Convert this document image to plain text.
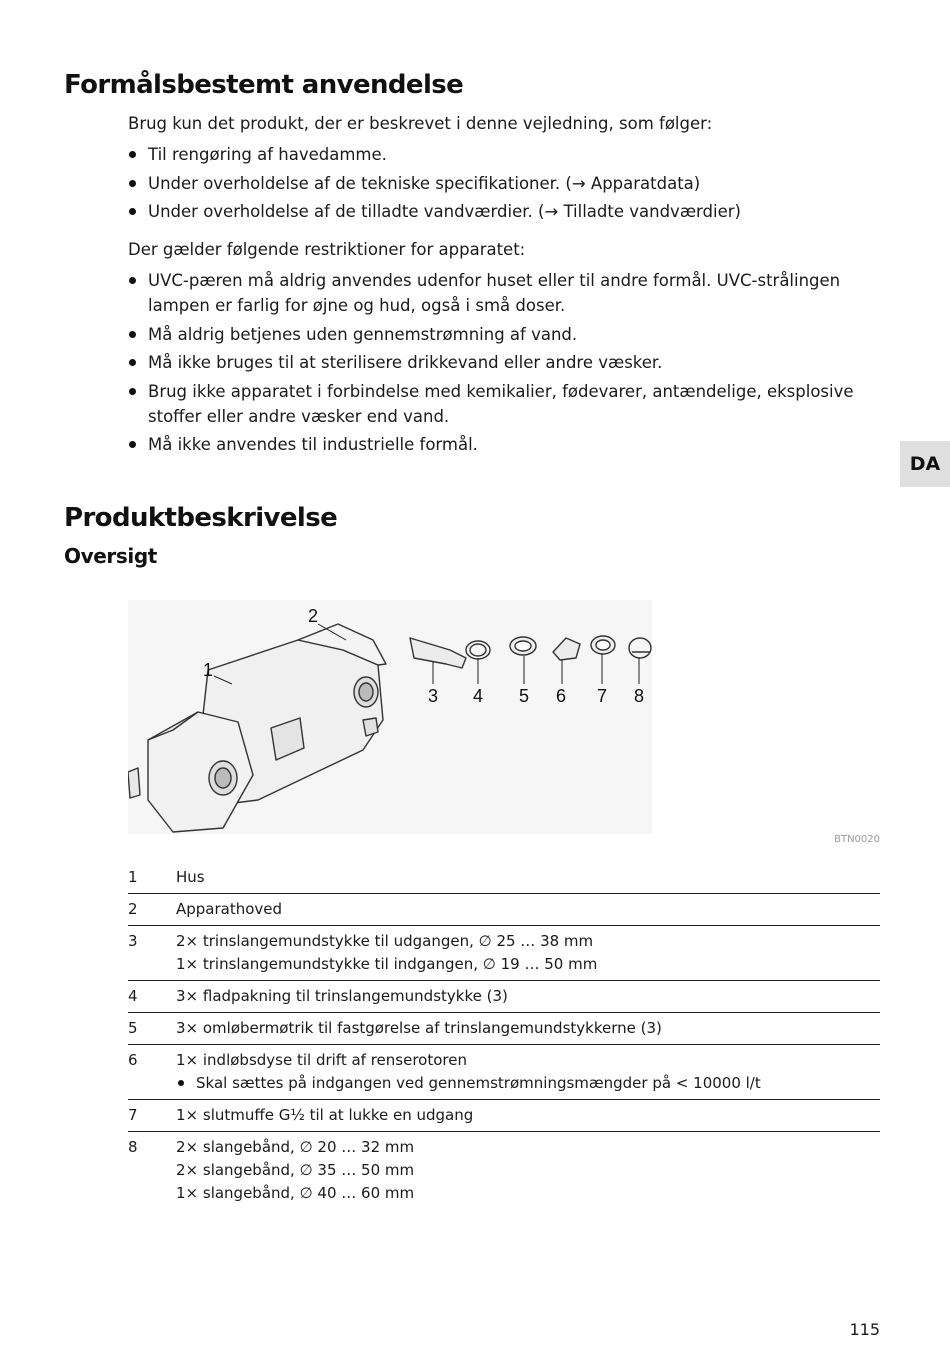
Formålsbestemt anvendelse

Brug kun det produkt, der er beskrevet i denne vejledning, som følger:

Til rengøring af havedamme.
Under overholdelse af de tekniske specifikationer. (→ Apparatdata)
Under overholdelse af de tilladte vandværdier. (→ Tilladte vandværdier)

Der gælder følgende restriktioner for apparatet:

UVC-pæren må aldrig anvendes udenfor huset eller til andre formål. UVC-strålingen lampen er farlig for øjne og hud, også i små doser.
Må aldrig betjenes uden gennemstrømning af vand.
Må ikke bruges til at sterilisere drikkevand eller andre væsker.
Brug ikke apparatet i forbindelse med kemikalier, fødevarer, antændelige, eksplosive stoffer eller andre væsker end vand.
Må ikke anvendes til industrielle formål.
DA
Produktbeskrivelse
Oversigt
1
2
3 4 5 6 7 8
BTN0020
1	Hus
2	Apparathoved
3	2× trinslangemundstykke til udgangen, ∅ 25 … 38 mm
1× trinslangemundstykke til indgangen, ∅ 19 … 50 mm
4	3× fladpakning til trinslangemundstykke (3)
5	3× omløbermøtrik til fastgørelse af trinslangemundstykkerne (3)
6	1× indløbsdyse til drift af renserotoren
Skal sættes på indgangen ved gennemstrømningsmængder på < 10000 l/t
7	1× slutmuffe G½ til at lukke en udgang
8	2× slangebånd, ∅ 20 … 32 mm
2× slangebånd, ∅ 35 … 50 mm
1× slangebånd, ∅ 40 … 60 mm
115
